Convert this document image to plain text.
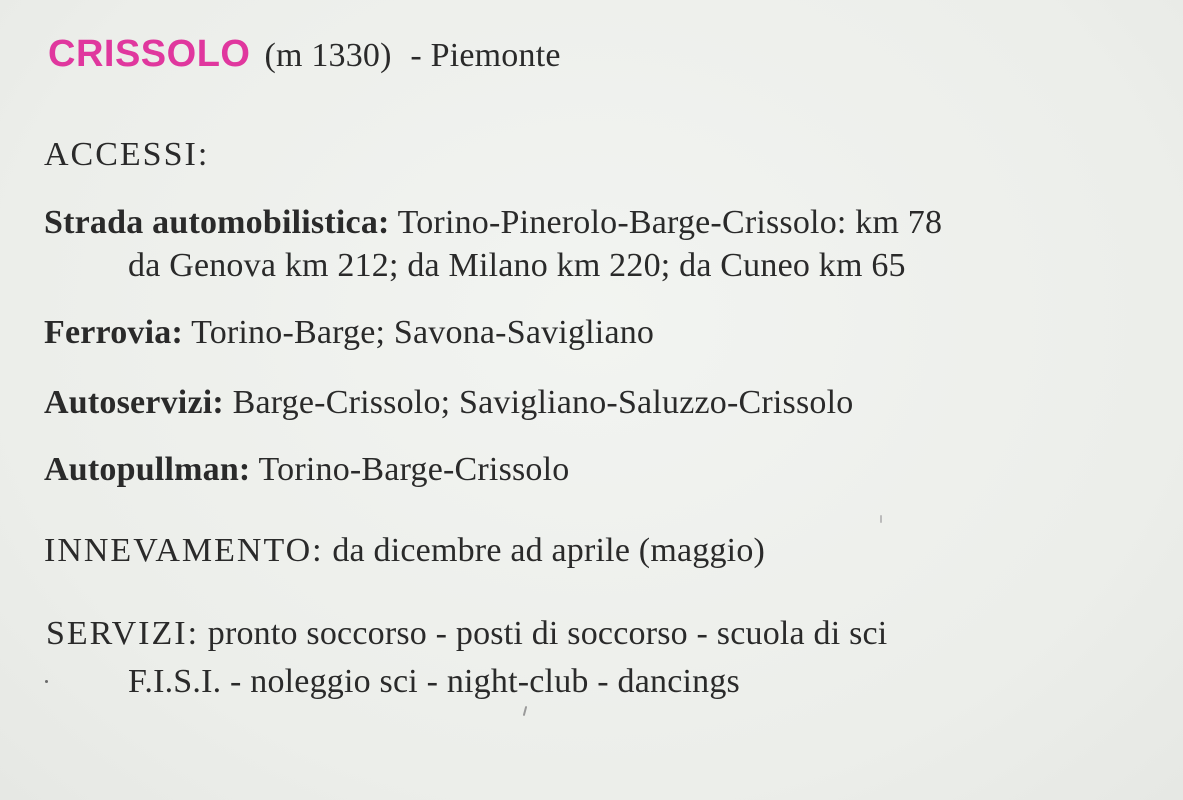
CRISSOLO (m 1330) - Piemonte
ACCESSI:
Strada automobilistica: Torino-Pinerolo-Barge-Crissolo: km 78
da Genova km 212; da Milano km 220; da Cuneo km 65
Ferrovia: Torino-Barge; Savona-Savigliano
Autoservizi: Barge-Crissolo; Savigliano-Saluzzo-Crissolo
Autopullman: Torino-Barge-Crissolo
INNEVAMENTO: da dicembre ad aprile (maggio)
SERVIZI: pronto soccorso - posti di soccorso - scuola di sci
F.I.S.I. - noleggio sci - night-club - dancings
